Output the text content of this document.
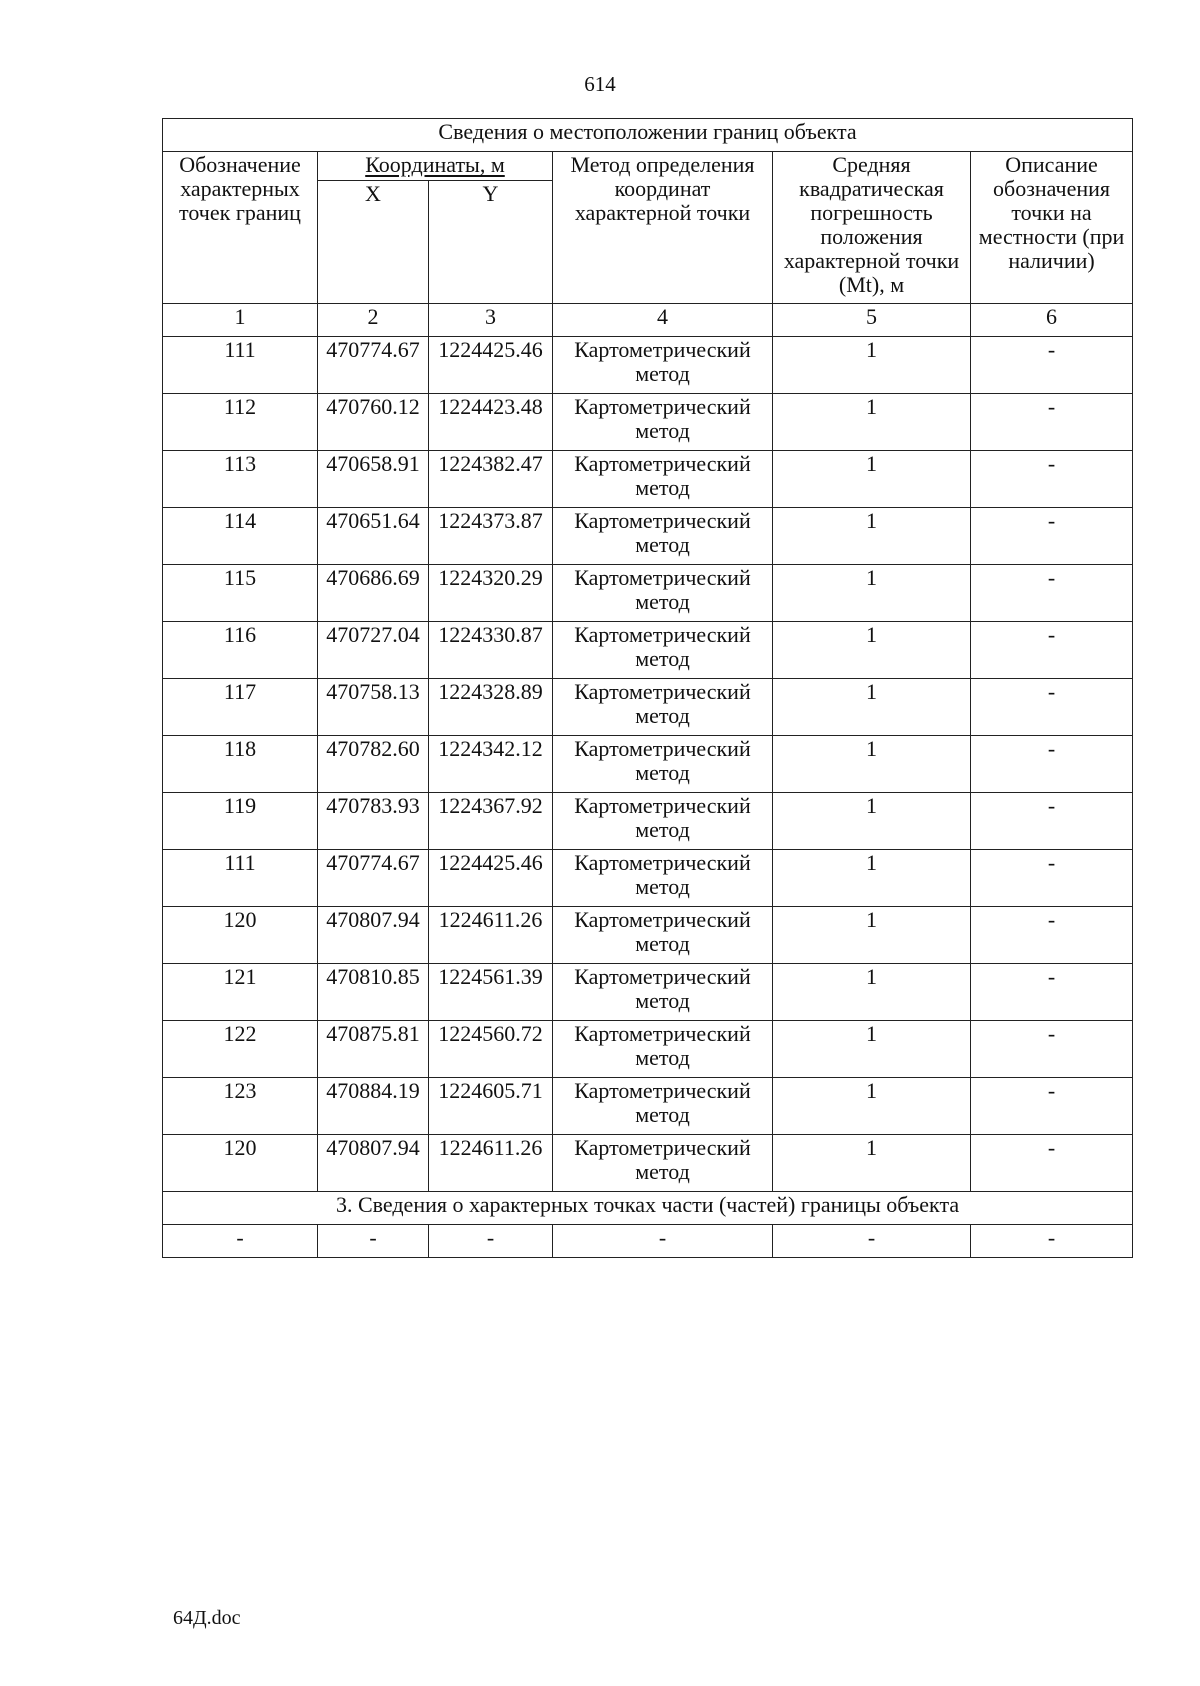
614
Сведения о местоположении границ объекта					
Обозначение характерных точек границ	Координаты, м		Метод определения координат характерной точки	Средняя квадратическая погрешность положения характерной точки (Mt), м	Описание обозначения точки на местности (при наличии)
	X	Y			
1	2	3	4	5	6
111	470774.67	1224425.46	Картометрический метод	1	-
112	470760.12	1224423.48	Картометрический метод	1	-
113	470658.91	1224382.47	Картометрический метод	1	-
114	470651.64	1224373.87	Картометрический метод	1	-
115	470686.69	1224320.29	Картометрический метод	1	-
116	470727.04	1224330.87	Картометрический метод	1	-
117	470758.13	1224328.89	Картометрический метод	1	-
118	470782.60	1224342.12	Картометрический метод	1	-
119	470783.93	1224367.92	Картометрический метод	1	-
111	470774.67	1224425.46	Картометрический метод	1	-
120	470807.94	1224611.26	Картометрический метод	1	-
121	470810.85	1224561.39	Картометрический метод	1	-
122	470875.81	1224560.72	Картометрический метод	1	-
123	470884.19	1224605.71	Картометрический метод	1	-
120	470807.94	1224611.26	Картометрический метод	1	-
3. Сведения о характерных точках части (частей) границы объекта					
-	-	-	-	-	-
64Д.doc
